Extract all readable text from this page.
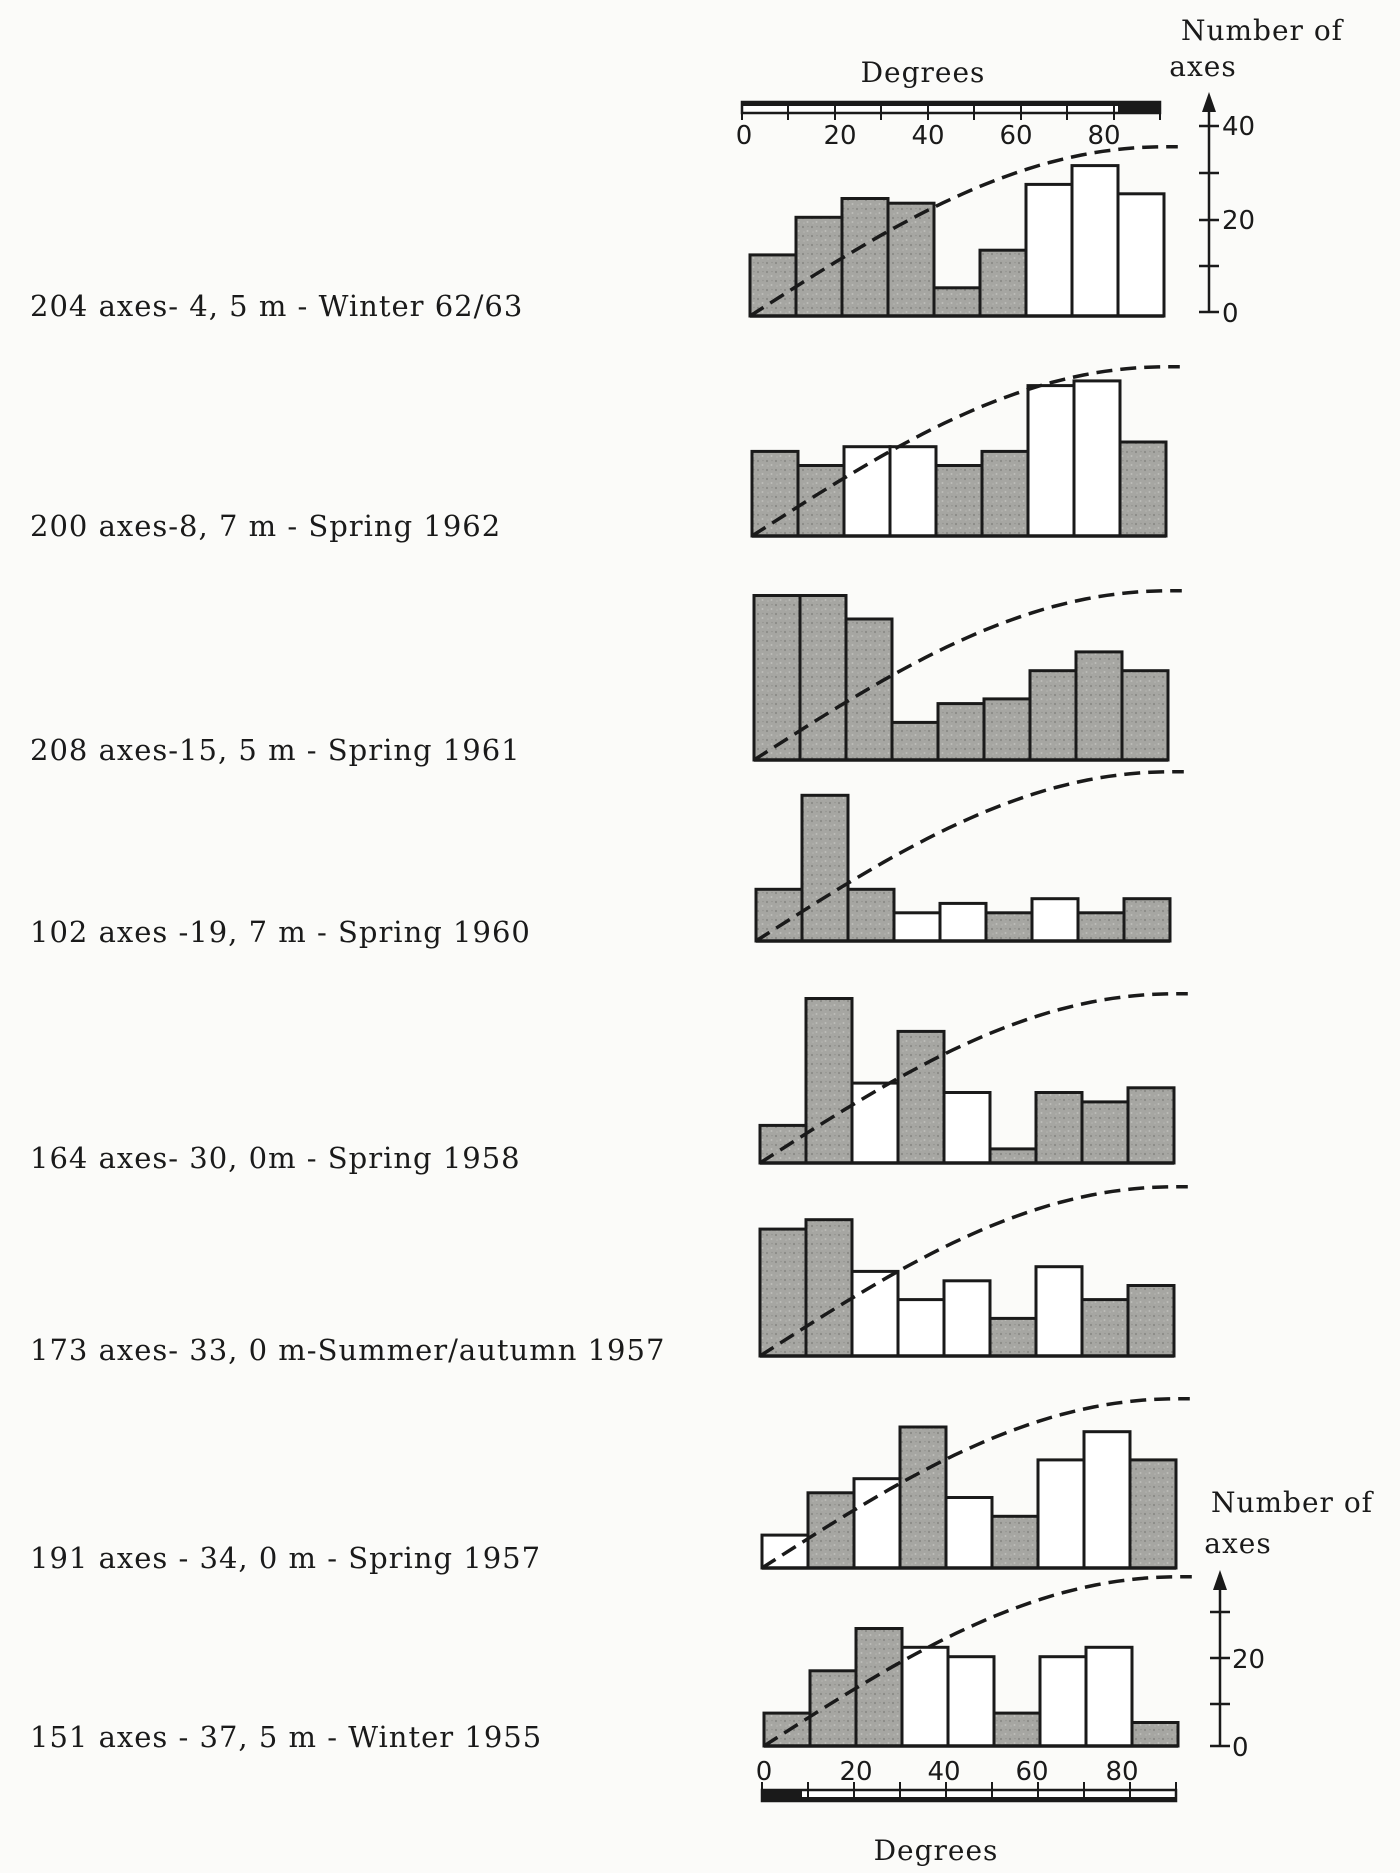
Degrees
0	20 40 60 80
Number of
axes
40
20
0
204 axes- 4, 5 m - Winter 62/63
200 axes-8, 7 m - Spring 1962
208 axes-15, 5 m - Spring 1961
102 axes -19, 7 m - Spring 1960
164 axes- 30, 0m - Spring 1958
173 axes- 33, 0 m-Summer/autumn 1957
191 axes - 34, 0 m - Spring 1957
151 axes - 37, 5 m - Winter 1955
Number of
axes
20
0
0	20 40 60 80
Degrees
